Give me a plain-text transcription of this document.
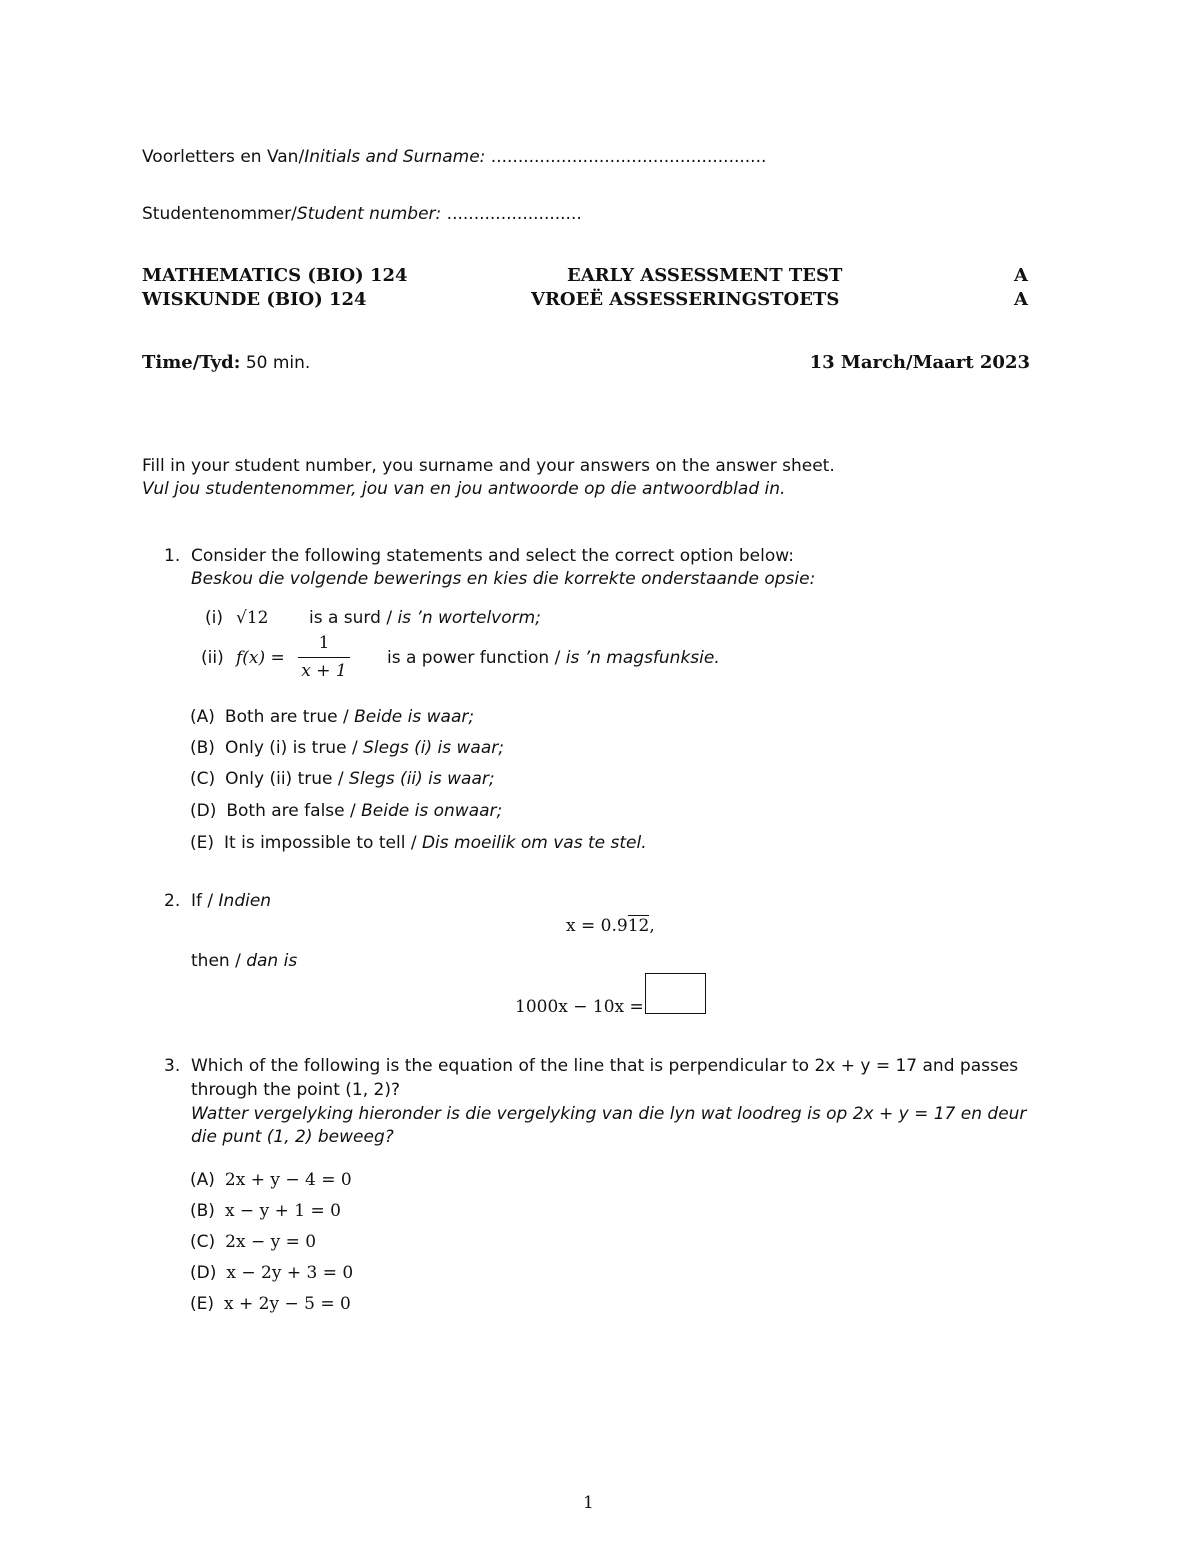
Voorletters en Van/Initials and Surname: ...................................................
Studentenommer/Student number: .........................
MATHEMATICS (BIO) 124	EARLY ASSESSMENT TEST	A
WISKUNDE (BIO) 124	VROEË ASSESSERINGSTOETS	A
Time/Tyd: 50 min.	13 March/Maart 2023
Fill in your student number, you surname and your answers on the answer sheet.
Vul jou studentenommer, jou van en jou antwoorde op die antwoordblad in.
1. Consider the following statements and select the correct option below:
Beskou die volgende bewerings en kies die korrekte onderstaande opsie:
(i) √12 is a surd / is ’n wortelvorm;
(ii) f(x) =
1
x + 1
is a power function / is ’n magsfunksie.
(A) Both are true / Beide is waar;
(B) Only (i) is true / Slegs (i) is waar;
(C) Only (ii) true / Slegs (ii) is waar;
(D) Both are false / Beide is onwaar;
(E) It is impossible to tell / Dis moeilik om vas te stel.
2. If / Indien
x = 0.912,
then / dan is
1000x − 10x =
3. Which of the following is the equation of the line that is perpendicular to 2x + y = 17 and passes
through the point (1, 2)?
Watter vergelyking hieronder is die vergelyking van die lyn wat loodreg is op 2x + y = 17 en deur
die punt (1, 2) beweeg?
(A) 2x + y − 4 = 0
(B) x − y + 1 = 0
(C) 2x − y = 0
(D) x − 2y + 3 = 0
(E) x + 2y − 5 = 0
1
